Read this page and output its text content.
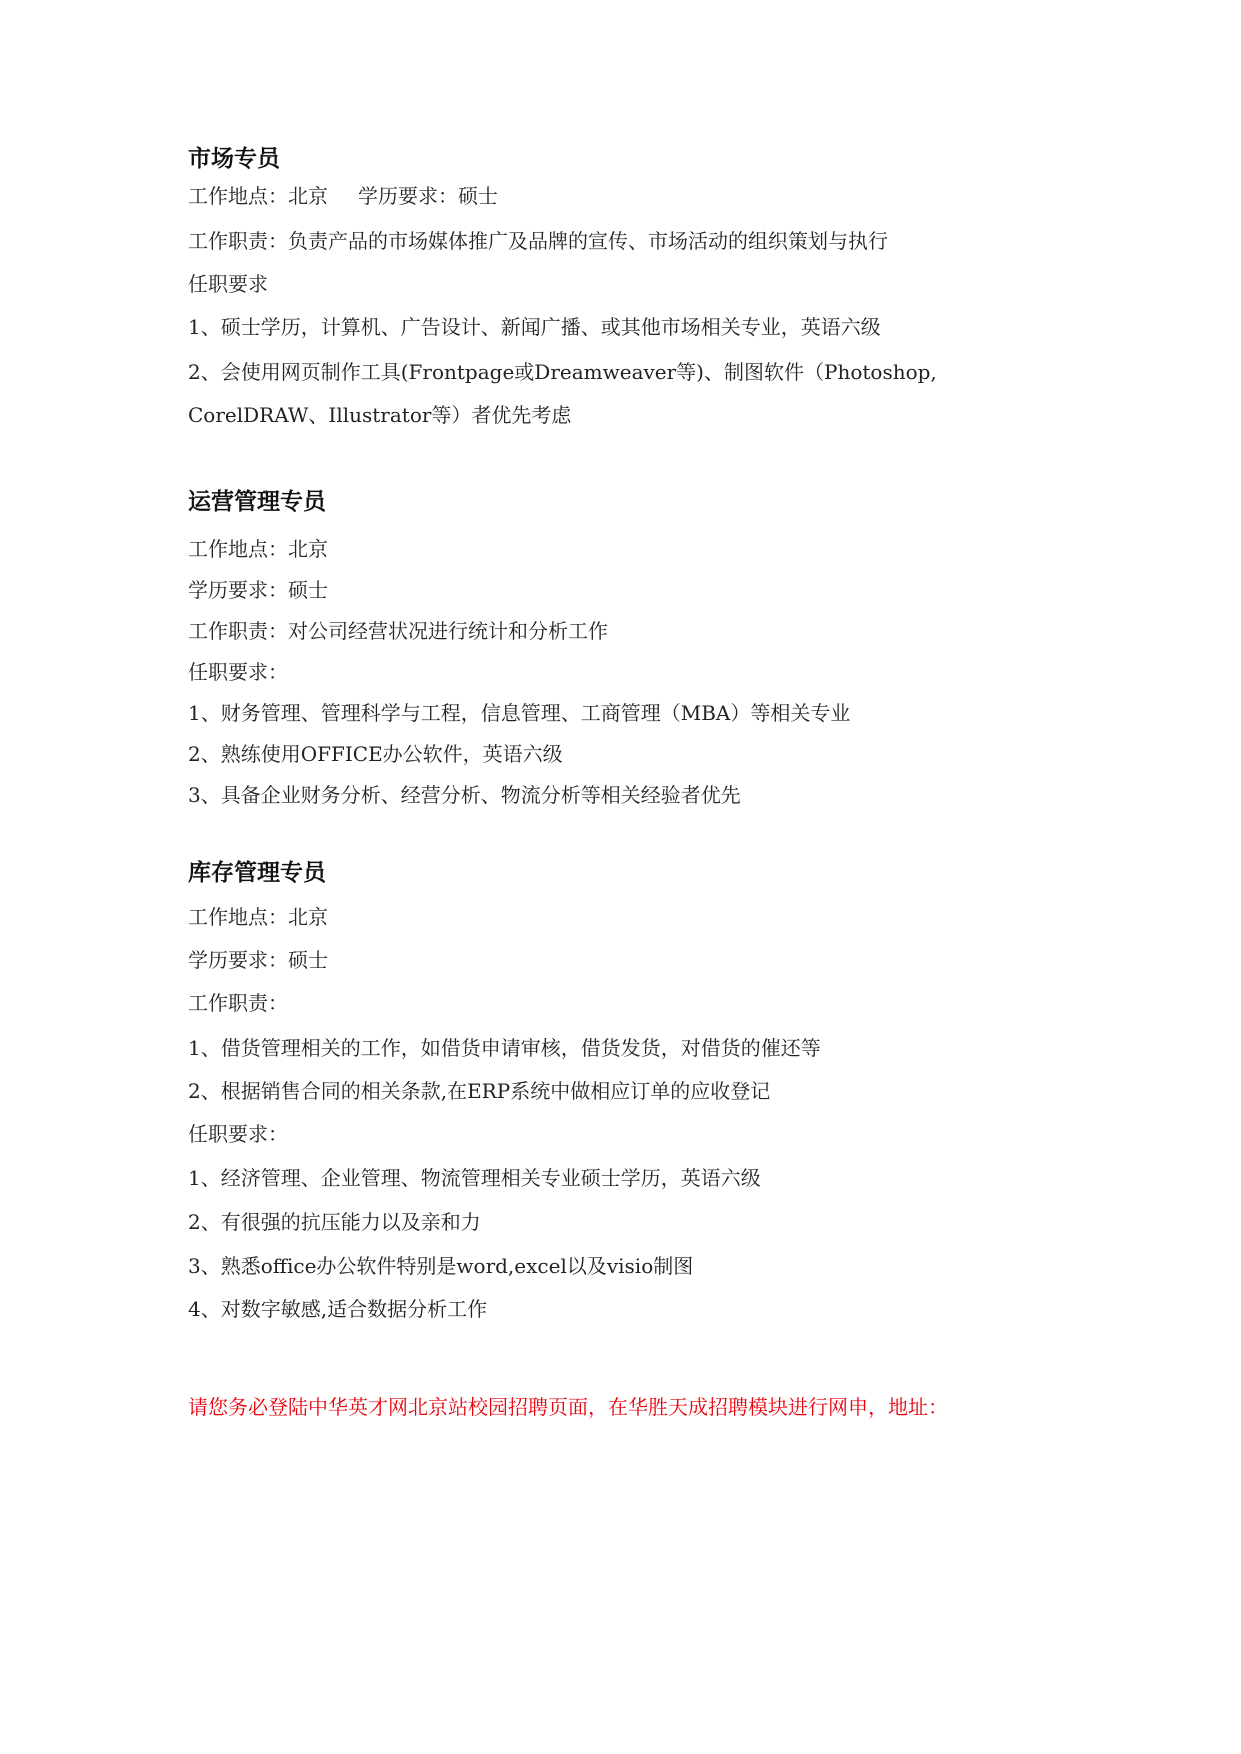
市场专员
工作地点：北京 学历要求：硕士
工作职责：负责产品的市场媒体推广及品牌的宣传、市场活动的组织策划与执行
任职要求
1、硕士学历，计算机、广告设计、新闻广播、或其他市场相关专业，英语六级
2、会使用网页制作工具(Frontpage或Dreamweaver等)、制图软件（Photoshop,
CorelDRAW、Illustrator等）者优先考虑
运营管理专员
工作地点：北京
学历要求：硕士
工作职责：对公司经营状况进行统计和分析工作
任职要求：
1、财务管理、管理科学与工程，信息管理、工商管理（MBA）等相关专业
2、熟练使用OFFICE办公软件，英语六级
3、具备企业财务分析、经营分析、物流分析等相关经验者优先
库存管理专员
工作地点：北京
学历要求：硕士
工作职责：
1、借货管理相关的工作，如借货申请审核，借货发货，对借货的催还等
2、根据销售合同的相关条款,在ERP系统中做相应订单的应收登记
任职要求：
1、经济管理、企业管理、物流管理相关专业硕士学历，英语六级
2、有很强的抗压能力以及亲和力
3、熟悉office办公软件特别是word,excel以及visio制图
4、对数字敏感,适合数据分析工作
请您务必登陆中华英才网北京站校园招聘页面，在华胜天成招聘模块进行网申，地址：
